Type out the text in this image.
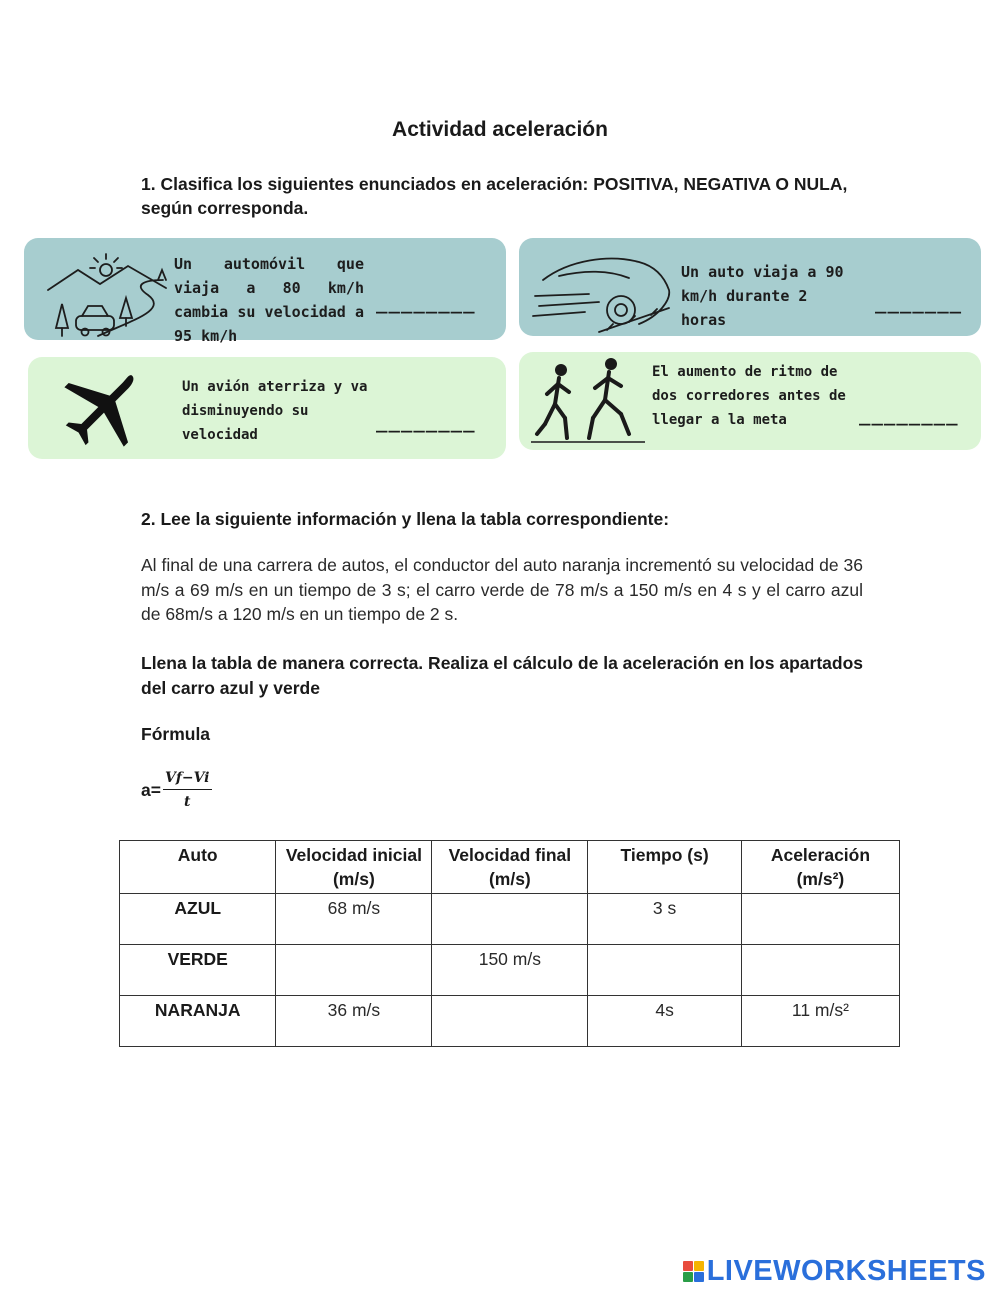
Actividad aceleración
1. Clasifica los siguientes enunciados en aceleración: POSITIVA, NEGATIVA O NULA, según corresponda.
Un automóvil que viaja a 80 km/h cambia su velocidad a 95 km/h
________
Un auto viaja a 90 km/h durante 2 horas
_______
Un avión aterriza y va disminuyendo su velocidad
________
El aumento de ritmo de dos corredores antes de llegar a la meta	________
2. Lee la siguiente información y llena la tabla correspondiente:
Al final de una carrera de autos, el conductor del auto naranja incrementó su velocidad de 36 m/s a 69 m/s en un tiempo de 3 s; el carro verde de 78 m/s a 150 m/s en 4 s y el carro azul de 68m/s a 120 m/s en un tiempo de 2 s.
Llena la tabla de manera correcta. Realiza el cálculo de la aceleración en los apartados del carro azul y verde
Fórmula
$a= \frac{Vf-Vi}{t}$
Auto	Velocidad inicial (m/s)	Velocidad final (m/s)	Tiempo (s)	Aceleración (m/s²)
AZUL	68 m/s		3 s	
VERDE		150 m/s		
NARANJA	36 m/s		4s	11 m/s²
LIVEWORKSHEETS
